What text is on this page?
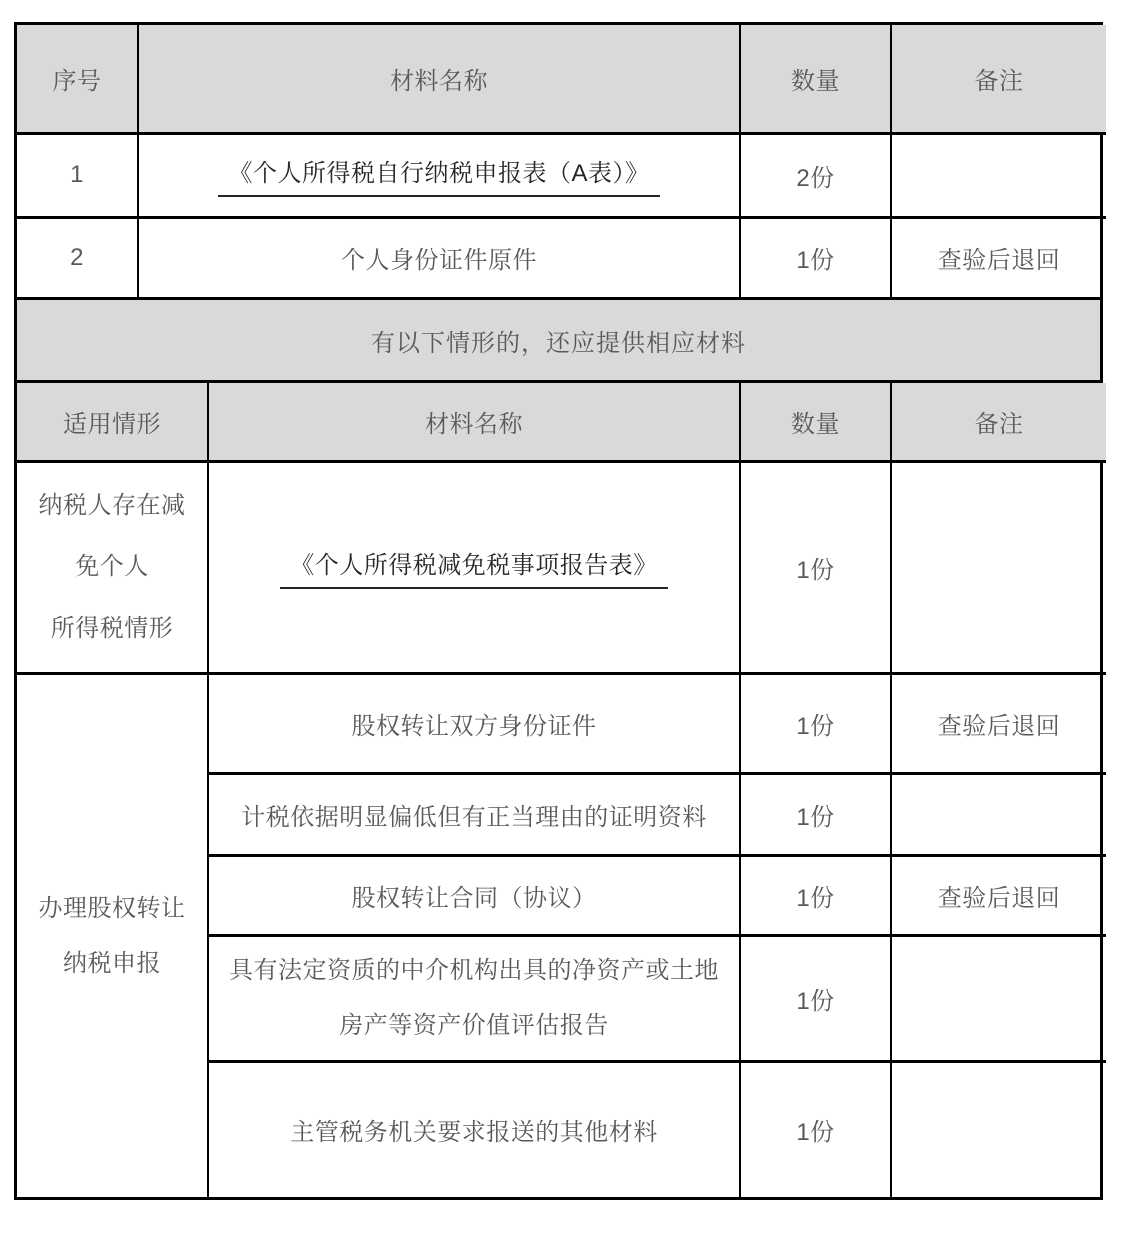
序号	材料名称	数量	备注
1	《个人所得税自行纳税申报表（A表）》	2份	
2	个人身份证件原件	1份	查验后退回
有以下情形的，还应提供相应材料
适用情形	材料名称	数量	备注

纳税人存在减
免个人
所得税情形	《个人所得税减免税事项报告表》	1份	

办理股权转让
纳税申报	股权转让双方身份证件	1份	查验后退回
	计税依据明显偏低但有正当理由的证明资料	1份	
	股权转让合同（协议）	1份	查验后退回

	具有法定资质的中介机构出具的净资产或土地
房产等资产价值评估报告	1份	
	主管税务机关要求报送的其他材料	1份	
